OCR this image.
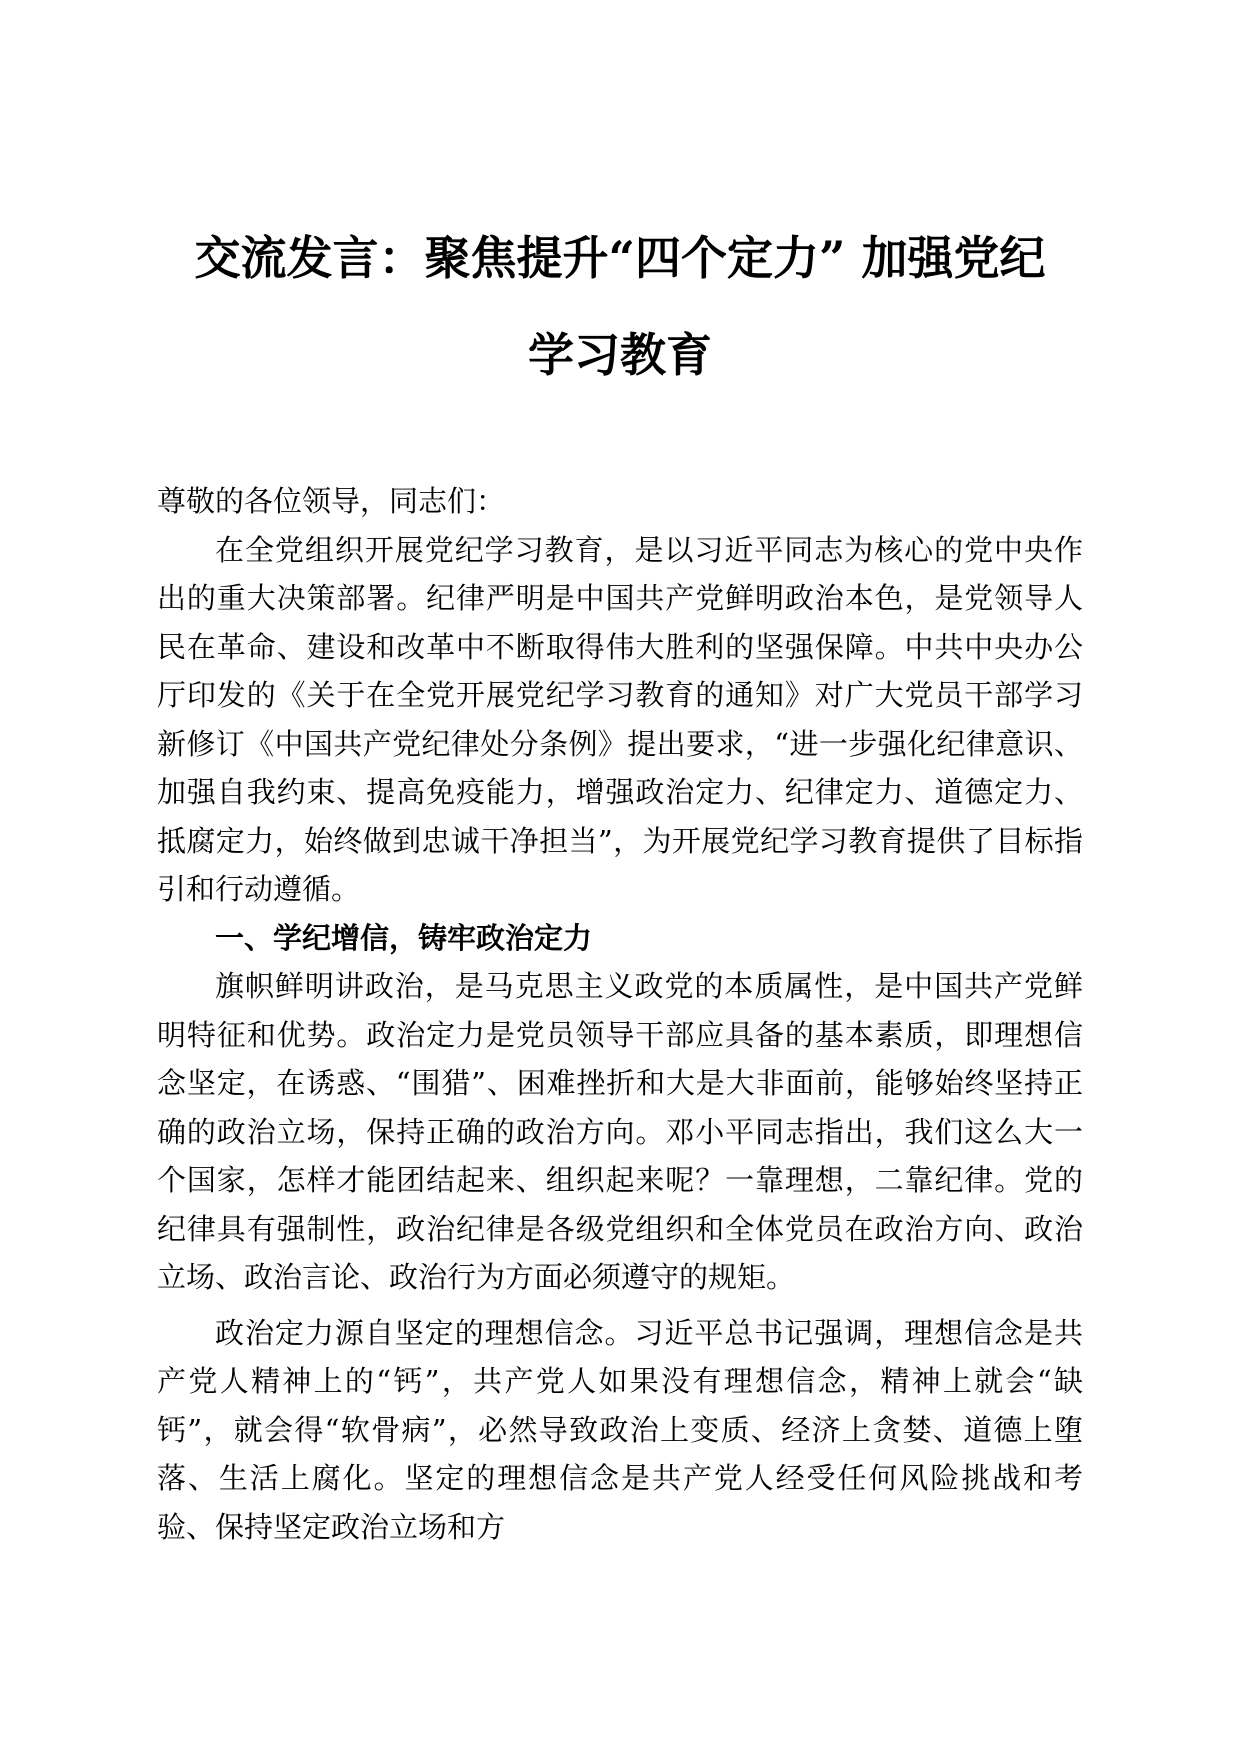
交流发言：聚焦提升“四个定力” 加强党纪
学习教育

尊敬的各位领导，同志们：

在全党组织开展党纪学习教育，是以习近平同志为核心的党中央作出的重大决策部署。纪律严明是中国共产党鲜明政治本色，是党领导人民在革命、建设和改革中不断取得伟大胜利的坚强保障。中共中央办公厅印发的《关于在全党开展党纪学习教育的通知》对广大党员干部学习新修订《中国共产党纪律处分条例》提出要求，“进一步强化纪律意识、加强自我约束、提高免疫能力，增强政治定力、纪律定力、道德定力、抵腐定力，始终做到忠诚干净担当”，为开展党纪学习教育提供了目标指引和行动遵循。

一、学纪增信，铸牢政治定力

旗帜鲜明讲政治，是马克思主义政党的本质属性，是中国共产党鲜明特征和优势。政治定力是党员领导干部应具备的基本素质，即理想信念坚定，在诱惑、“围猎”、困难挫折和大是大非面前，能够始终坚持正确的政治立场，保持正确的政治方向。邓小平同志指出，我们这么大一个国家，怎样才能团结起来、组织起来呢？一靠理想，二靠纪律。党的纪律具有强制性，政治纪律是各级党组织和全体党员在政治方向、政治立场、政治言论、政治行为方面必须遵守的规矩。

政治定力源自坚定的理想信念。习近平总书记强调，理想信念是共产党人精神上的“钙”，共产党人如果没有理想信念，精神上就会“缺钙”，就会得“软骨病”，必然导致政治上变质、经济上贪婪、道德上堕落、生活上腐化。坚定的理想信念是共产党人经受任何风险挑战和考验、保持坚定政治立场和方
